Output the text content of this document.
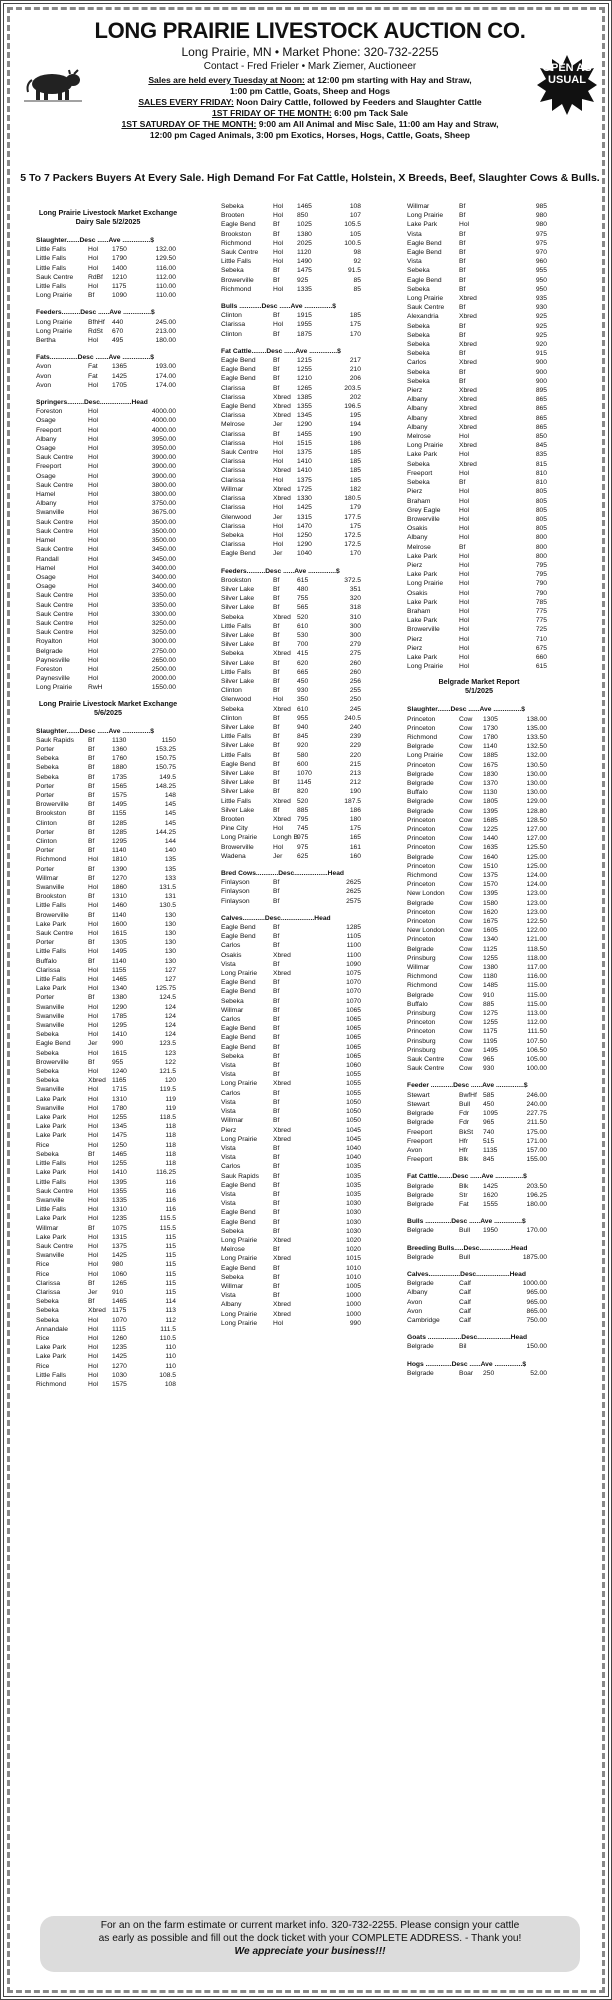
LONG PRAIRIE LIVESTOCK AUCTION CO.
Long Prairie, MN • Market Phone: 320-732-2255
Contact - Fred Frieler • Mark Ziemer, Auctioneer
Sales are held every Tuesday at Noon: at 12:00 pm starting with Hay and Straw,
1:00 pm Cattle, Goats, Sheep and Hogs
SALES EVERY FRIDAY: Noon Dairy Cattle, followed by Feeders and Slaughter Cattle
1ST FRIDAY OF THE MONTH: 6:00 pm Tack Sale
1ST SATURDAY OF THE MONTH: 9:00 am All Animal and Misc Sale, 11:00 am Hay and Straw,
12:00 pm Caged Animals, 3:00 pm Exotics, Horses, Hogs, Cattle, Goats, Sheep
OPEN AS USUAL
5 To 7 Packers Buyers At Every Sale. High Demand For Fat Cattle, Holstein, X Breeds, Beef, Slaughter Cows & Bulls.
Long Prairie Livestock Market Exchange
Dairy Sale 5/2/2025
Slaughter.......Desc ......Ave ...............$
Little Falls	Hol 1750	132.00
Little Falls	Hol 1790	129.50
Little Falls	Hol 1400	116.00
Sauk Centre RdBf 1210	112.00
Little Falls	Hol 1175	110.00
Long Prairie Bf	1090	110.00
Feeders..........Desc ......Ave ...............$
Long Prairie BfhHf 440	245.00
Long Prairie RdSt 670	213.00
Bertha	Hol 495	180.00
Fats...............Desc .......Ave ...............$
Avon	Fat 1365	193.00
Avon	Fat 1425	174.00
Avon	Hol 1705	174.00
Springers.........Desc.................Head
Foreston	Hol	4000.00
Osage	Hol	4000.00
Freeport	Hol	4000.00
Albany	Hol	3950.00
Osage	Hol	3950.00
Sauk Centre Hol	3900.00
Freeport	Hol	3900.00
Osage	Hol	3900.00
Sauk Centre Hol	3800.00
Hamel	Hol	3800.00
Albany	Hol	3750.00
Swanville	Hol	3675.00
Sauk Centre Hol	3500.00
Sauk Centre Hol	3500.00
Hamel	Hol	3500.00
Sauk Centre Hol	3450.00
Randall	Hol	3450.00
Hamel	Hol	3400.00
Osage	Hol	3400.00
Osage	Hol	3400.00
Sauk Centre Hol	3350.00
Sauk Centre Hol	3350.00
Sauk Centre Hol	3300.00
Sauk Centre Hol	3250.00
Sauk Centre Hol	3250.00
Royalton	Hol	3000.00
Belgrade	Hol	2750.00
Paynesville	Hol	2650.00
Foreston	Hol	2500.00
Paynesville	Hol	2000.00
Long Prairie RwH	1550.00
Long Prairie Livestock Market Exchange
5/6/2025
Slaughter.......Desc ......Ave ...............$
Sauk Rapids Bf	1130	1150
Porter	Bf	1360	153.25
Sebeka	Bf	1760	150.75
Sebeka	Bf	1880	150.75
Sebeka	Bf	1735	149.5
Porter	Bf	1565	148.25
Porter	Bf	1575	148
Browerville	Bf	1495	145
Brookston	Bf	1155	145
Clinton	Bf	1285	145
Porter	Bf	1285	144.25
Clinton	Bf	1295	144
Porter	Bf	1140	140
Richmond	Hol 1810	135
Porter	Bf	1390	135
Willmar	Bf	1270	133
Swanville	Hol 1860	131.5
Brookston	Bf	1310	131
Little Falls	Hol 1460	130.5
Browerville	Bf	1140	130
Lake Park	Hol 1600	130
Sauk Centre Hol 1615	130
Porter	Bf	1305	130
Little Falls	Hol 1495	130
Buffalo	Bf	1140	130
Clarissa	Hol 1155	127
Little Falls	Hol 1465	127
Lake Park	Hol 1340	125.75
Porter	Bf	1380	124.5
Swanville	Hol 1290	124
Swanville	Hol 1785	124
Swanville	Hol 1295	124
Sebeka	Hol 1410	124
Eagle Bend	Jer 990	123.5
Sebeka	Hol 1615	123
Browerville	Bf	955	122
Sebeka	Hol 1240	121.5
Sebeka	Xbred 1165	120
Swanville	Hol 1715	119.5
Lake Park	Hol 1310	119
Swanville	Hol 1780	119
Lake Park	Hol 1255	118.5
Lake Park	Hol 1345	118
Lake Park	Hol 1475	118
Rice	Hol 1250	118
Sebeka	Bf	1465	118
Little Falls	Hol 1255	118
Lake Park	Hol 1410	116.25
Little Falls	Hol 1395	116
Sauk Centre Hol 1355	116
Swanville	Hol 1335	116
Little Falls	Hol 1310	116
Lake Park	Hol 1235	115.5
Willmar	Bf	1075	115.5
Lake Park	Hol 1315	115
Sauk Centre Hol 1375	115
Swanville	Hol 1425	115
Rice	Hol 980	115
Rice	Hol 1060	115
Clarissa	Bf	1265	115
Clarissa	Jer 910	115
Sebeka	Bf	1465	114
Sebeka	Xbred 1175	113
Sebeka	Hol 1070	112
Annandale	Hol 1115	111.5
Rice	Hol 1260	110.5
Lake Park	Hol 1235	110
Lake Park	Hol 1425	110
Rice	Hol 1270	110
Little Falls	Hol 1030	108.5
Richmond	Hol 1575	108
Sebeka	Hol 1465	108
Brooten	Hol 850	107
Eagle Bend	Bf	1025	105.5
Brookston	Bf	1380	105
Richmond	Hol 2025	100.5
Sauk Centre Hol 1120	98
Little Falls	Hol 1490	92
Sebeka	Bf	1475	91.5
Browerville	Bf	925	85
Richmond	Hol 1335	85
Bulls ............Desc ......Ave ...............$
Clinton	Bf	1915	185
Clarissa	Hol 1955	175
Clinton	Bf	1875	170
Fat Cattle........Desc ......Ave ...............$
Eagle Bend	Bf	1215	217
Eagle Bend	Bf	1255	210
Eagle Bend	Bf	1210	206
Clarissa	Bf	1265	203.5
Clarissa	Xbred 1385	202
Eagle Bend	Xbred 1355	196.5
Clarissa	Xbred 1345	195
Melrose	Jer 1290	194
Clarissa	Bf	1455	190
Clarissa	Hol 1515	186
Sauk Centre Hol 1375	185
Clarissa	Hol 1410	185
Clarissa	Xbred 1410	185
Clarissa	Hol 1375	185
Willmar	Xbred 1725	182
Clarissa	Xbred 1330	180.5
Clarissa	Hol 1425	179
Glenwood	Jer 1315	177.5
Clarissa	Hol 1470	175
Sebeka	Hol 1250	172.5
Clarissa	Hol 1290	172.5
Eagle Bend	Jer 1040	170
Feeders..........Desc ......Ave ...............$
Brookston	Bf	615	372.5
Silver Lake	Bf	480	351
Silver Lake	Bf	755	320
Silver Lake	Bf	565	318
Sebeka	Xbred 520	310
Little Falls	Bf	610	300
Silver Lake	Bf	530	300
Silver Lake	Bf	700	279
Sebeka	Xbred 415	275
Silver Lake	Bf	620	260
Little Falls	Bf	665	260
Silver Lake	Bf	450	256
Clinton	Bf	930	255
Glenwood	Hol 350	250
Sebeka	Xbred 610	245
Clinton	Bf	955	240.5
Silver Lake	Bf	940	240
Little Falls	Bf	845	239
Silver Lake	Bf	920	229
Little Falls	Bf	580	220
Eagle Bend	Bf	600	215
Silver Lake	Bf	1070	213
Silver Lake	Bf	1145	212
Silver Lake	Bf	820	190
Little Falls	Xbred 520	187.5
Silver Lake	Bf	885	186
Brooten	Xbred 795	180
Pine City	Hol 745	175
Long Prairie Longh B975	165
Browerville	Hol 975	161
Wadena	Jer 625	160
Bred Cows............Desc..................Head
Finlayson	Bf	2625
Finlayson	Bf	2625
Finlayson	Bf	2575
Calves............Desc..................Head
Eagle Bend	Bf	1285
Eagle Bend	Bf	1105
Carlos	Bf	1100
Osakis	Xbred	1100
Vista	Bf	1090
Long Prairie Xbred	1075
Eagle Bend	Bf	1070
Eagle Bend	Bf	1070
Sebeka	Bf	1070
Willmar	Bf	1065
Carlos	Bf	1065
Eagle Bend	Bf	1065
Eagle Bend	Bf	1065
Eagle Bend	Bf	1065
Sebeka	Bf	1065
Vista	Bf	1060
Vista	Bf	1055
Long Prairie Xbred	1055
Carlos	Bf	1055
Vista	Bf	1050
Vista	Bf	1050
Willmar	Bf	1050
Pierz	Xbred	1045
Long Prairie Xbred	1045
Vista	Bf	1040
Vista	Bf	1040
Carlos	Bf	1035
Sauk Rapids Bf	1035
Eagle Bend	Bf	1035
Vista	Bf	1035
Vista	Bf	1030
Eagle Bend	Bf	1030
Eagle Bend	Bf	1030
Sebeka	Bf	1030
Long Prairie Xbred	1020
Melrose	Bf	1020
Long Prairie Xbred	1015
Eagle Bend	Bf	1010
Sebeka	Bf	1010
Willmar	Bf	1005
Vista	Bf	1000
Albany	Xbred	1000
Long Prairie Xbred	1000
Long Prairie Hol	990
Willmar	Bf	985
Long Prairie Bf	980
Lake Park	Hol	980
Vista	Bf	975
Eagle Bend	Bf	975
Eagle Bend	Bf	970
Vista	Bf	960
Sebeka	Bf	955
Eagle Bend	Bf	950
Sebeka	Bf	950
Long Prairie Xbred	935
Sauk Centre Bf	930
Alexandria	Xbred	925
Sebeka	Bf	925
Sebeka	Bf	925
Sebeka	Xbred	920
Sebeka	Bf	915
Carlos	Xbred	900
Sebeka	Bf	900
Sebeka	Bf	900
Pierz	Xbred	895
Albany	Xbred	865
Albany	Xbred	865
Albany	Xbred	865
Albany	Xbred	865
Melrose	Hol	850
Long Prairie Xbred	845
Lake Park	Hol	835
Sebeka	Xbred	815
Freeport	Hol	810
Sebeka	Bf	810
Pierz	Hol	805
Braham	Hol	805
Grey Eagle	Hol	805
Browerville	Hol	805
Osakis	Hol	805
Albany	Hol	800
Melrose	Bf	800
Lake Park	Hol	800
Pierz	Hol	795
Lake Park	Hol	795
Long Prairie Hol	790
Osakis	Hol	790
Lake Park	Hol	785
Braham	Hol	775
Lake Park	Hol	775
Browerville	Hol	725
Pierz	Hol	710
Pierz	Hol	675
Lake Park	Hol	660
Long Prairie Hol	615
Belgrade Market Report
5/1/2025
Slaughter.......Desc ......Ave ...............$
Princeton	Cow 1305	138.00
Princeton	Cow 1730	135.00
Richmond	Cow 1780	133.50
Belgrade	Cow 1140	132.50
Long Prairie Cow 1885	132.00
Princeton	Cow 1675	130.50
Belgrade	Cow 1830	130.00
Belgrade	Cow 1370	130.00
Buffalo	Cow 1130	130.00
Belgrade	Cow 1805	129.00
Belgrade	Cow 1395	128.80
Princeton	Cow 1685	128.50
Princeton	Cow 1225	127.00
Princeton	Cow 1440	127.00
Princeton	Cow 1635	125.50
Belgrade	Cow 1640	125.00
Princeton	Cow 1510	125.00
Richmond	Cow 1375	124.00
Princeton	Cow 1570	124.00
New London Cow 1395	123.00
Belgrade	Cow 1580	123.00
Princeton	Cow 1620	123.00
Princeton	Cow 1675	122.50
New London Cow 1605	122.00
Princeton	Cow 1340	121.00
Belgrade	Cow 1125	118.50
Prinsburg	Cow 1255	118.00
Willmar	Cow 1380	117.00
Richmond	Cow 1180	116.00
Richmond	Cow 1485	115.00
Belgrade	Cow 910	115.00
Buffalo	Cow 885	115.00
Prinsburg	Cow 1275	113.00
Princeton	Cow 1255	112.00
Princeton	Cow 1175	111.50
Prinsburg	Cow 1195	107.50
Prinsburg	Cow 1495	106.50
Sauk Centre Cow 965	105.00
Sauk Centre Cow 930	100.00
Feeder ............Desc ......Ave ...............$
Stewart	BwfHf 585	246.00
Stewart	Bull 450	240.00
Belgrade	Fdr 1095	227.75
Belgrade	Fdr 965	211.50
Freeport	BkSt 740	175.00
Freeport	Hfr 515	171.00
Avon	Hfr 1135	157.00
Freeport	Blk 845	155.00
Fat Cattle........Desc ......Ave ...............$
Belgrade	Blk 1425	203.50
Belgrade	Str 1620	196.25
Belgrade	Fat 1555	180.00
Bulls ..............Desc ......Ave ...............$
Belgrade	Bull 1950	170.00
Breeding Bulls.....Desc.................Head
Belgrade	Bull	1875.00
Calves.................Desc..................Head
Belgrade	Calf	1000.00
Albany	Calf	965.00
Avon	Calf	965.00
Avon	Calf	865.00
Cambridge	Calf	750.00
Goats ..................Desc..................Head
Belgrade	Bil	150.00
Hogs ..............Desc ......Ave ...............$
Belgrade	Boar 250	52.00
For an on the farm estimate or current market info. 320-732-2255. Please consign your cattle
as early as possible and fill out the dock ticket with your COMPLETE ADDRESS. - Thank you!
We appreciate your business!!!
